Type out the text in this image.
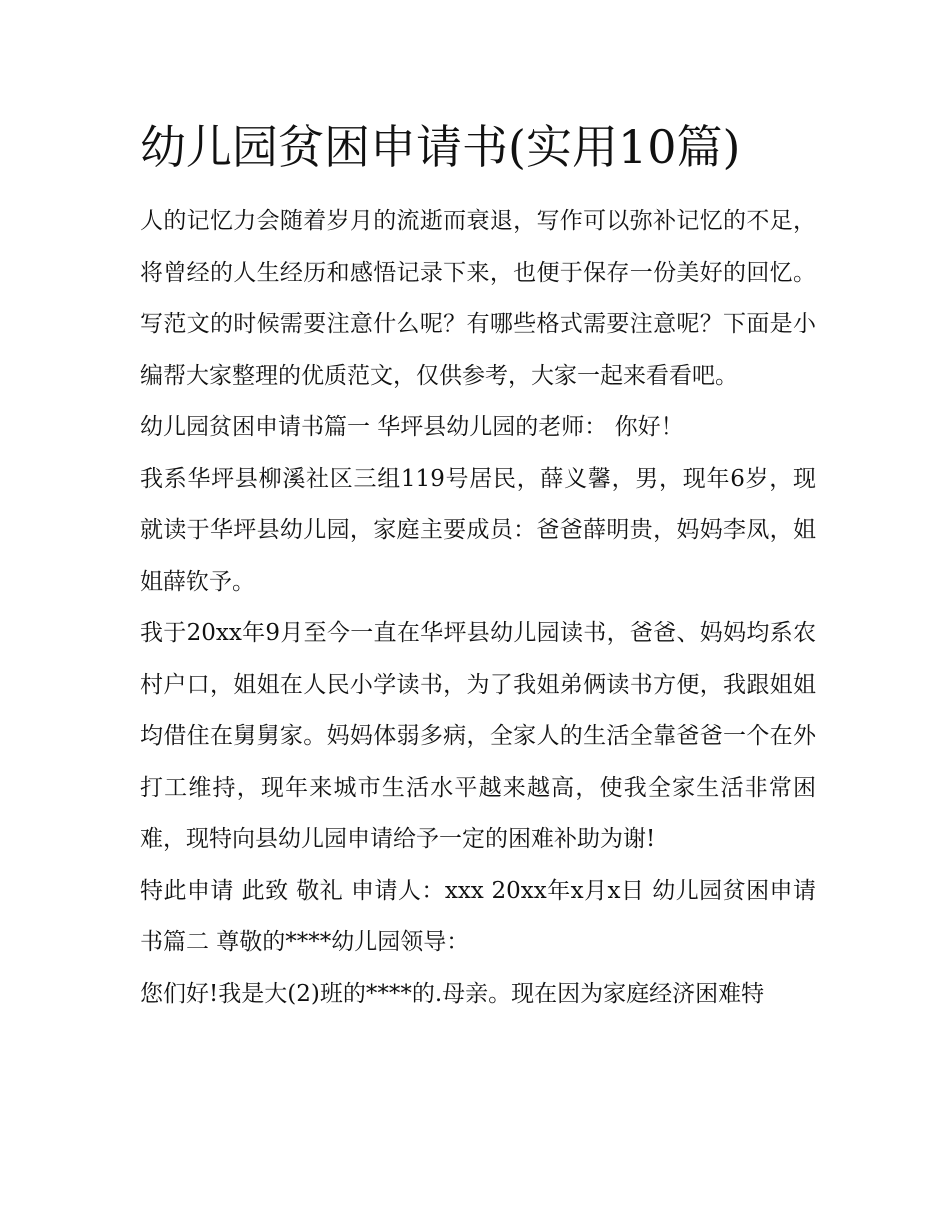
幼儿园贫困申请书(实用10篇)

人的记忆力会随着岁月的流逝而衰退，写作可以弥补记忆的不足，将曾经的人生经历和感悟记录下来，也便于保存一份美好的回忆。写范文的时候需要注意什么呢？有哪些格式需要注意呢？下面是小编帮大家整理的优质范文，仅供参考，大家一起来看看吧。

幼儿园贫困申请书篇一 华坪县幼儿园的老师： 你好！

我系华坪县柳溪社区三组119号居民，薛义馨，男，现年6岁，现就读于华坪县幼儿园，家庭主要成员：爸爸薛明贵，妈妈李凤，姐姐薛钦予。

我于20xx年9月至今一直在华坪县幼儿园读书，爸爸、妈妈均系农村户口，姐姐在人民小学读书，为了我姐弟俩读书方便，我跟姐姐均借住在舅舅家。妈妈体弱多病，全家人的生活全靠爸爸一个在外打工维持，现年来城市生活水平越来越高，使我全家生活非常困难，现特向县幼儿园申请给予一定的困难补助为谢!

特此申请 此致 敬礼 申请人：xxx 20xx年x月x日 幼儿园贫困申请书篇二 尊敬的****幼儿园领导：

您们好!我是大(2)班的****的.母亲。现在因为家庭经济困难特
